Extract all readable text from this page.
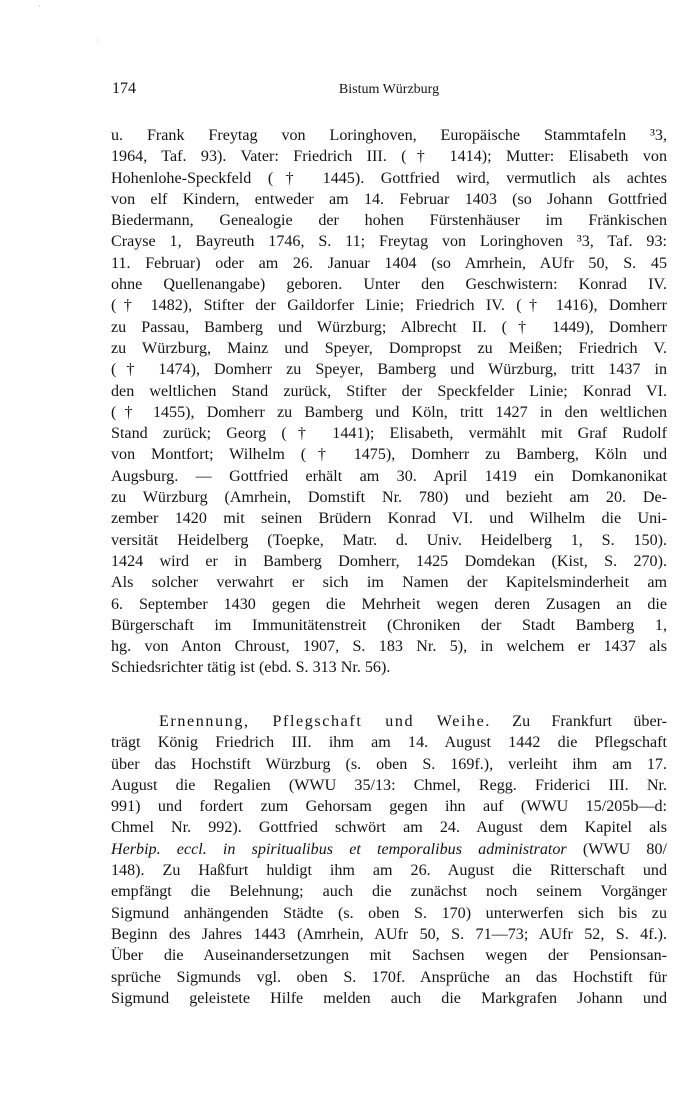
·
·
174	Bistum Würzburg
u. Frank Freytag von Loringhoven, Europäische Stammtafeln ³3,
1964, Taf. 93). Vater: Friedrich III. († 1414); Mutter: Elisabeth von
Hohenlohe-Speckfeld († 1445). Gottfried wird, vermutlich als achtes
von elf Kindern, entweder am 14. Februar 1403 (so Johann Gottfried
Biedermann, Genealogie der hohen Fürstenhäuser im Fränkischen
Crayse 1, Bayreuth 1746, S. 11; Freytag von Loringhoven ³3, Taf. 93:
11. Februar) oder am 26. Januar 1404 (so Amrhein, AUfr 50, S. 45
ohne Quellenangabe) geboren. Unter den Geschwistern: Konrad IV.
(† 1482), Stifter der Gaildorfer Linie; Friedrich IV. († 1416), Domherr
zu Passau, Bamberg und Würzburg; Albrecht II. († 1449), Domherr
zu Würzburg, Mainz und Speyer, Dompropst zu Meißen; Friedrich V.
(† 1474), Domherr zu Speyer, Bamberg und Würzburg, tritt 1437 in
den weltlichen Stand zurück, Stifter der Speckfelder Linie; Konrad VI.
(† 1455), Domherr zu Bamberg und Köln, tritt 1427 in den weltlichen
Stand zurück; Georg († 1441); Elisabeth, vermählt mit Graf Rudolf
von Montfort; Wilhelm († 1475), Domherr zu Bamberg, Köln und
Augsburg. — Gottfried erhält am 30. April 1419 ein Domkanonikat
zu Würzburg (Amrhein, Domstift Nr. 780) und bezieht am 20. De-
zember 1420 mit seinen Brüdern Konrad VI. und Wilhelm die Uni-
versität Heidelberg (Toepke, Matr. d. Univ. Heidelberg 1, S. 150).
1424 wird er in Bamberg Domherr, 1425 Domdekan (Kist, S. 270).
Als solcher verwahrt er sich im Namen der Kapitelsminderheit am
6. September 1430 gegen die Mehrheit wegen deren Zusagen an die
Bürgerschaft im Immunitätenstreit (Chroniken der Stadt Bamberg 1,
hg. von Anton Chroust, 1907, S. 183 Nr. 5), in welchem er 1437 als
Schiedsrichter tätig ist (ebd. S. 313 Nr. 56).
Ernennung, Pflegschaft und Weihe. Zu Frankfurt über-
trägt König Friedrich III. ihm am 14. August 1442 die Pflegschaft
über das Hochstift Würzburg (s. oben S. 169f.), verleiht ihm am 17.
August die Regalien (WWU 35/13: Chmel, Regg. Friderici III. Nr.
991) und fordert zum Gehorsam gegen ihn auf (WWU 15/205b—d:
Chmel Nr. 992). Gottfried schwört am 24. August dem Kapitel als
Herbip. eccl. in spiritualibus et temporalibus administrator (WWU 80/
148). Zu Haßfurt huldigt ihm am 26. August die Ritterschaft und
empfängt die Belehnung; auch die zunächst noch seinem Vorgänger
Sigmund anhängenden Städte (s. oben S. 170) unterwerfen sich bis zu
Beginn des Jahres 1443 (Amrhein, AUfr 50, S. 71—73; AUfr 52, S. 4f.).
Über die Auseinandersetzungen mit Sachsen wegen der Pensionsan-
sprüche Sigmunds vgl. oben S. 170f. Ansprüche an das Hochstift für
Sigmund geleistete Hilfe melden auch die Markgrafen Johann und
